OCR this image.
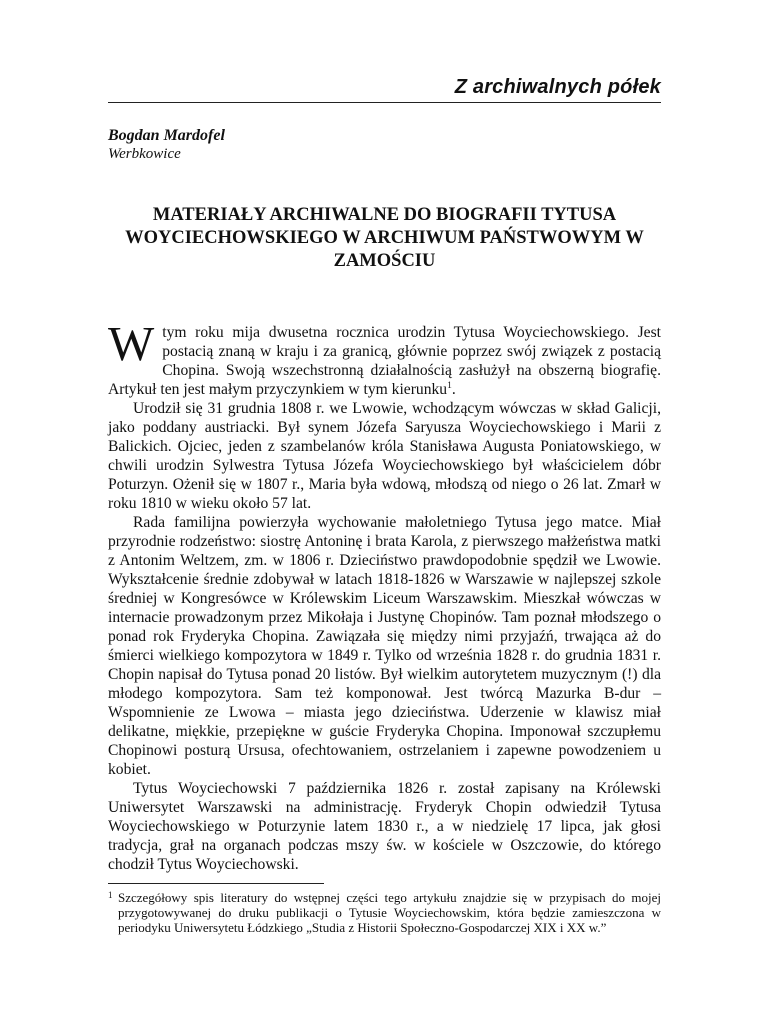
Z archiwalnych półek
Bogdan Mardofel
Werbkowice
MATERIAŁY ARCHIWALNE DO BIOGRAFII TYTUSA WOYCIECHOWSKIEGO W ARCHIWUM PAŃSTWOWYM W ZAMOŚCIU

W tym roku mija dwusetna rocznica urodzin Tytusa Woyciechowskiego. Jest postacią znaną w kraju i za granicą, głównie poprzez swój związek z postacią Chopina. Swoją wszechstronną działalnością zasłużył na obszerną biografię. Artykuł ten jest małym przyczynkiem w tym kierunku$^1$.

Urodził się 31 grudnia 1808 r. we Lwowie, wchodzącym wówczas w skład Galicji, jako poddany austriacki. Był synem Józefa Saryusza Woyciechowskiego i Marii z Balickich. Ojciec, jeden z szambelanów króla Stanisława Augusta Poniatowskiego, w chwili urodzin Sylwestra Tytusa Józefa Woyciechowskiego był właścicielem dóbr Poturzyn. Ożenił się w 1807 r., Maria była wdową, młodszą od niego o 26 lat. Zmarł w roku 1810 w wieku około 57 lat.

Rada familijna powierzyła wychowanie małoletniego Tytusa jego matce. Miał przyrodnie rodzeństwo: siostrę Antoninę i brata Karola, z pierwszego małżeństwa matki z Antonim Weltzem, zm. w 1806 r. Dzieciństwo prawdopodobnie spędził we Lwowie. Wykształcenie średnie zdobywał w latach 1818-1826 w Warszawie w najlepszej szkole średniej w Kongresówce w Królewskim Liceum Warszawskim. Mieszkał wówczas w internacie prowadzonym przez Mikołaja i Justynę Chopinów. Tam poznał młodszego o ponad rok Fryderyka Chopina. Zawiązała się między nimi przyjaźń, trwająca aż do śmierci wielkiego kompozytora w 1849 r. Tylko od września 1828 r. do grudnia 1831 r. Chopin napisał do Tytusa ponad 20 listów. Był wielkim autorytetem muzycznym (!) dla młodego kompozytora. Sam też komponował. Jest twórcą Mazurka B-dur – Wspomnienie ze Lwowa – miasta jego dzieciństwa. Uderzenie w klawisz miał delikatne, miękkie, przepiękne w guście Fryderyka Chopina. Imponował szczupłemu Chopinowi posturą Ursusa, ofechtowaniem, ostrzelaniem i zapewne powodzeniem u kobiet.

Tytus Woyciechowski 7 października 1826 r. został zapisany na Królewski Uniwersytet Warszawski na administrację. Fryderyk Chopin odwiedził Tytusa Woyciechowskiego w Poturzynie latem 1830 r., a w niedzielę 17 lipca, jak głosi tradycja, grał na organach podczas mszy św. w kościele w Oszczowie, do którego chodził Tytus Woyciechowski.

1 Szczegółowy spis literatury do wstępnej części tego artykułu znajdzie się w przypisach do mojej przygotowywanej do druku publikacji o Tytusie Woyciechowskim, która będzie zamieszczona w periodyku Uniwersytetu Łódzkiego „Studia z Historii Społeczno-Gospodarczej XIX i XX w.”
